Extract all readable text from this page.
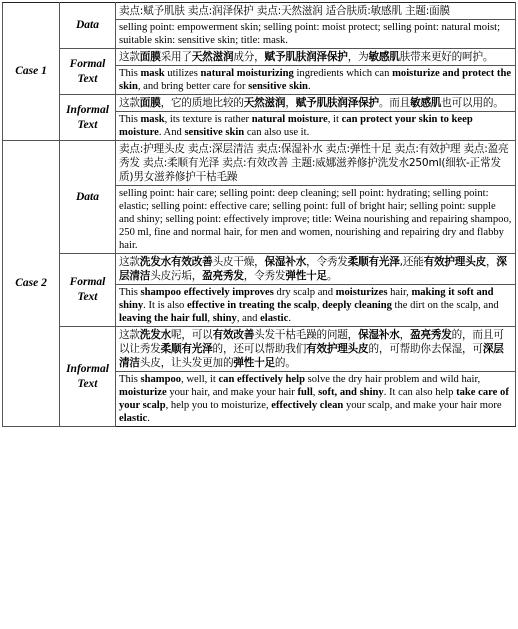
Case 1	Data	卖点:赋予肌肤 卖点:润泽保护 卖点:天然滋润 适合肤质:敏感肌 主题:面膜
		selling point: empowerment skin; selling point: moist protect; selling point: natural moist; suitable skin: sensitive skin; title: mask.
	Formal Text	这款面膜采用了天然滋润成分，赋予肌肤润泽保护，为敏感肌肤带来更好的呵护。
		This mask utilizes natural moisturizing ingredients which can moisturize and protect the skin, and bring better care for sensitive skin.
	Informal Text	这款面膜，它的质地比较的天然滋润，赋予肌肤润泽保护。而且敏感肌也可以用的。
		This mask, its texture is rather natural moisture, it can protect your skin to keep moisture. And sensitive skin can also use it.
Case 2	Data	卖点:护理头皮 卖点:深层清洁 卖点:保湿补水 卖点:弹性十足 卖点:有效护理 卖点:盈亮秀发 卖点:柔顺有光泽 卖点:有效改善 主题:威娜滋养修护洗发水250ml(细软-正常发质)男女滋养修护干枯毛躁
		selling point: hair care; selling point: deep cleaning; sell point: hydrating; selling point: elastic; selling point: effective care; selling point: full of bright hair; selling point: supple and shiny; selling point: effectively improve; title: Weina nourishing and repairing shampoo, 250 ml, fine and normal hair, for men and women, nourishing and repairing dry and flabby hair.
	Formal Text	这款洗发水有效改善头皮干燥，保湿补水，令秀发柔顺有光泽,还能有效护理头皮，深层清洁头皮污垢，盈亮秀发，令秀发弹性十足。
		This shampoo effectively improves dry scalp and moisturizes hair, making it soft and shiny. It is also effective in treating the scalp, deeply cleaning the dirt on the scalp, and leaving the hair full, shiny, and elastic.
	Informal Text	这款洗发水呢，可以有效改善头发干枯毛躁的问题，保湿补水，盈亮秀发的，而且可以让秀发柔顺有光泽的，还可以帮助我们有效护理头皮的，可帮助你去保湿，可深层清洁头皮，让头发更加的弹性十足的。
		This shampoo, well, it can effectively help solve the dry hair problem and wild hair, moisturize your hair, and make your hair full, soft, and shiny. It can also help take care of your scalp, help you to moisturize, effectively clean your scalp, and make your hair more elastic.
